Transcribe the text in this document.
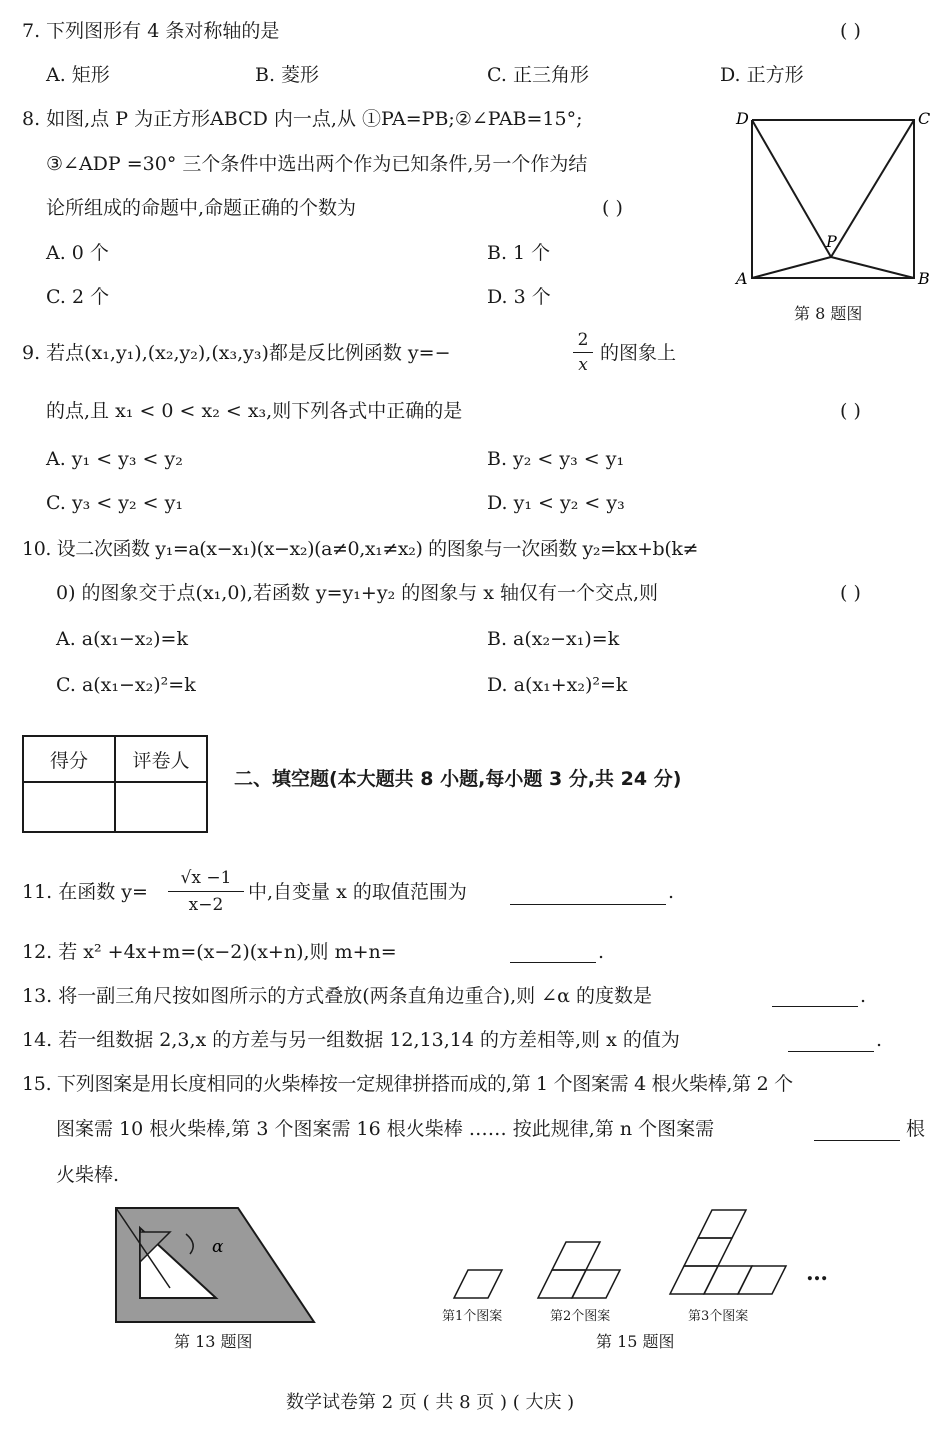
7. 下列图形有 4 条对称轴的是	( )
A. 矩形	B. 菱形	C. 正三角形	D. 正方形
8. 如图,点 P 为正方形ABCD 内一点,从 ①PA=PB;②∠PAB=15°;
③∠ADP =30° 三个条件中选出两个作为已知条件,另一个作为结
论所组成的命题中,命题正确的个数为	( )
A. 0 个	B. 1 个
C. 2 个	D. 3 个
D	C
A	B
P
第 8 题图
9. 若点(x₁,y₁),(x₂,y₂),(x₃,y₃)都是反比例函数 y=−
2
x
的图象上
的点,且 x₁ < 0 < x₂ < x₃,则下列各式中正确的是	( )
A. y₁ < y₃ < y₂	B. y₂ < y₃ < y₁
C. y₃ < y₂ < y₁	D. y₁ < y₂ < y₃
10. 设二次函数 y₁=a(x−x₁)(x−x₂)(a≠0,x₁≠x₂) 的图象与一次函数 y₂=kx+b(k≠
0) 的图象交于点(x₁,0),若函数 y=y₁+y₂ 的图象与 x 轴仅有一个交点,则	( )
A. a(x₁−x₂)=k	B. a(x₂−x₁)=k
C. a(x₁−x₂)²=k	D. a(x₁+x₂)²=k
得分	评卷人

二、填空题(本大题共 8 小题,每小题 3 分,共 24 分)
11. 在函数 y=
√x −1
x−2
中,自变量 x 的取值范围为	.
12. 若 x² +4x+m=(x−2)(x+n),则 m+n=	.
13. 将一副三角尺按如图所示的方式叠放(两条直角边重合),则 ∠α 的度数是	.
14. 若一组数据 2,3,x 的方差与另一组数据 12,13,14 的方差相等,则 x 的值为	.
15. 下列图案是用长度相同的火柴棒按一定规律拼搭而成的,第 1 个图案需 4 根火柴棒,第 2 个
图案需 10 根火柴棒,第 3 个图案需 16 根火柴棒 …… 按此规律,第 n 个图案需	根
火柴棒.
α
第 13 题图
…
第1个图案	第2个图案	第3个图案
第 15 题图
数学试卷第 2 页 ( 共 8 页 ) ( 大庆 )
